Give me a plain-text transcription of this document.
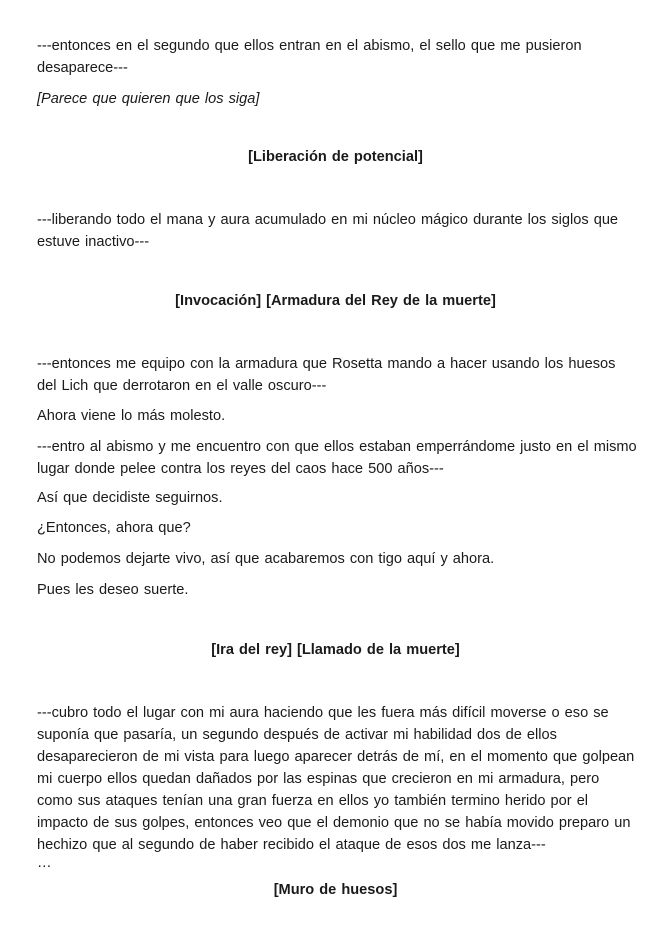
---entonces en el segundo que ellos entran en el abismo, el sello que me pusieron
desaparece---
[Parece que quieren que los siga]
[Liberación de potencial]
---liberando todo el mana y aura acumulado en mi núcleo mágico durante los siglos que
estuve inactivo---
[Invocación] [Armadura del Rey de la muerte]
---entonces me equipo con la armadura que Rosetta mando a hacer usando los huesos
del Lich que derrotaron en el valle oscuro---
Ahora viene lo más molesto.
---entro al abismo y me encuentro con que ellos estaban emperrándome justo en el mismo
lugar donde pelee contra los reyes del caos hace 500 años---
Así que decidiste seguirnos.
¿Entonces, ahora que?
No podemos dejarte vivo, así que acabaremos con tigo aquí y ahora.
Pues les deseo suerte.
[Ira del rey] [Llamado de la muerte]
---cubro todo el lugar con mi aura haciendo que les fuera más difícil moverse o eso se
suponía que pasaría, un segundo después de activar mi habilidad dos de ellos
desaparecieron de mi vista para luego aparecer detrás de mí, en el momento que golpean
mi cuerpo ellos quedan dañados por las espinas que crecieron en mi armadura, pero
como sus ataques tenían una gran fuerza en ellos yo también termino herido por el
impacto de sus golpes, entonces veo que el demonio que no se había movido preparo un
hechizo que al segundo de haber recibido el ataque de esos dos me lanza---
…
[Muro de huesos]
